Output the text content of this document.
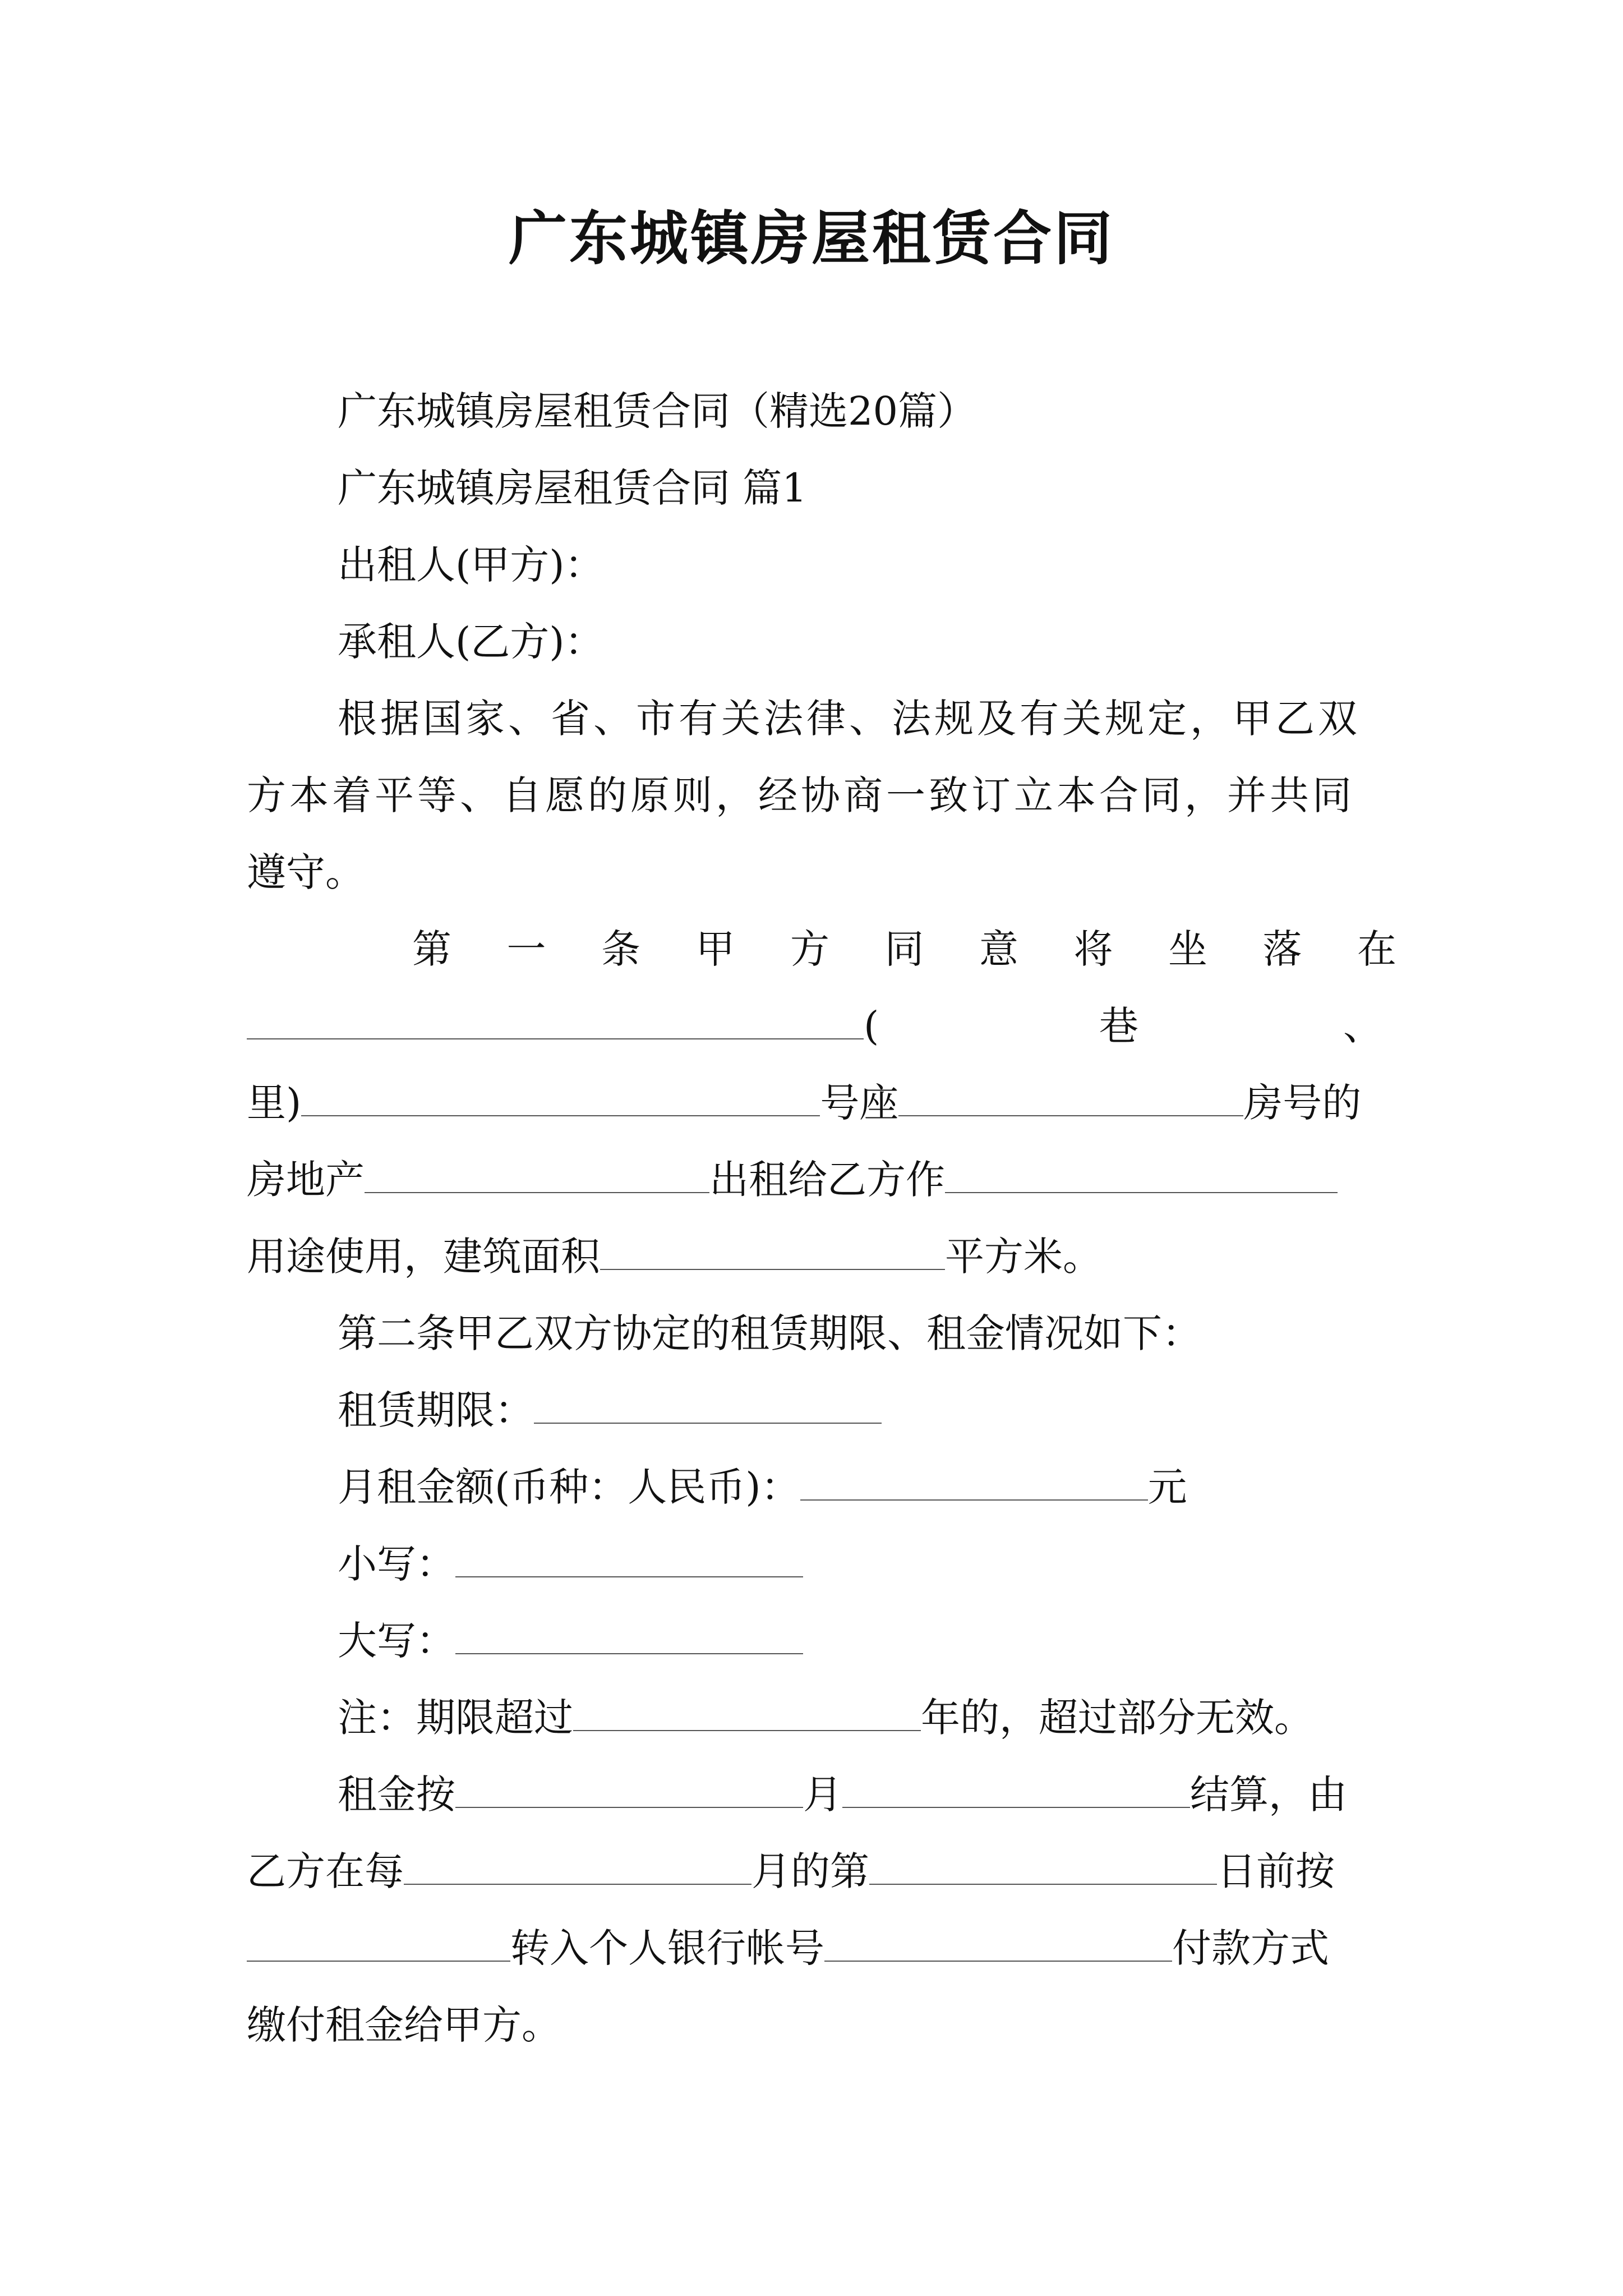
广东城镇房屋租赁合同
广东城镇房屋租赁合同（精选20篇）
广东城镇房屋租赁合同 篇1
出租人(甲方)：
承租人(乙方)：
根据国家、省、市有关法律、法规及有关规定，甲乙双
方本着平等、自愿的原则，经协商一致订立本合同，并共同
遵守。
第 一 条 甲 方 同 意 将 坐 落 在
(	巷	、
里)	号座	房号的
房地产	出租给乙方作
用途使用，建筑面积	平方米。
第二条甲乙双方协定的租赁期限、租金情况如下：
租赁期限：
月租金额(币种：人民币)：	元
小写：
大写：
注：期限超过	年的，超过部分无效。
租金按	月	结算，由
乙方在每	月的第	日前按
转入个人银行帐号	付款方式
缴付租金给甲方。
